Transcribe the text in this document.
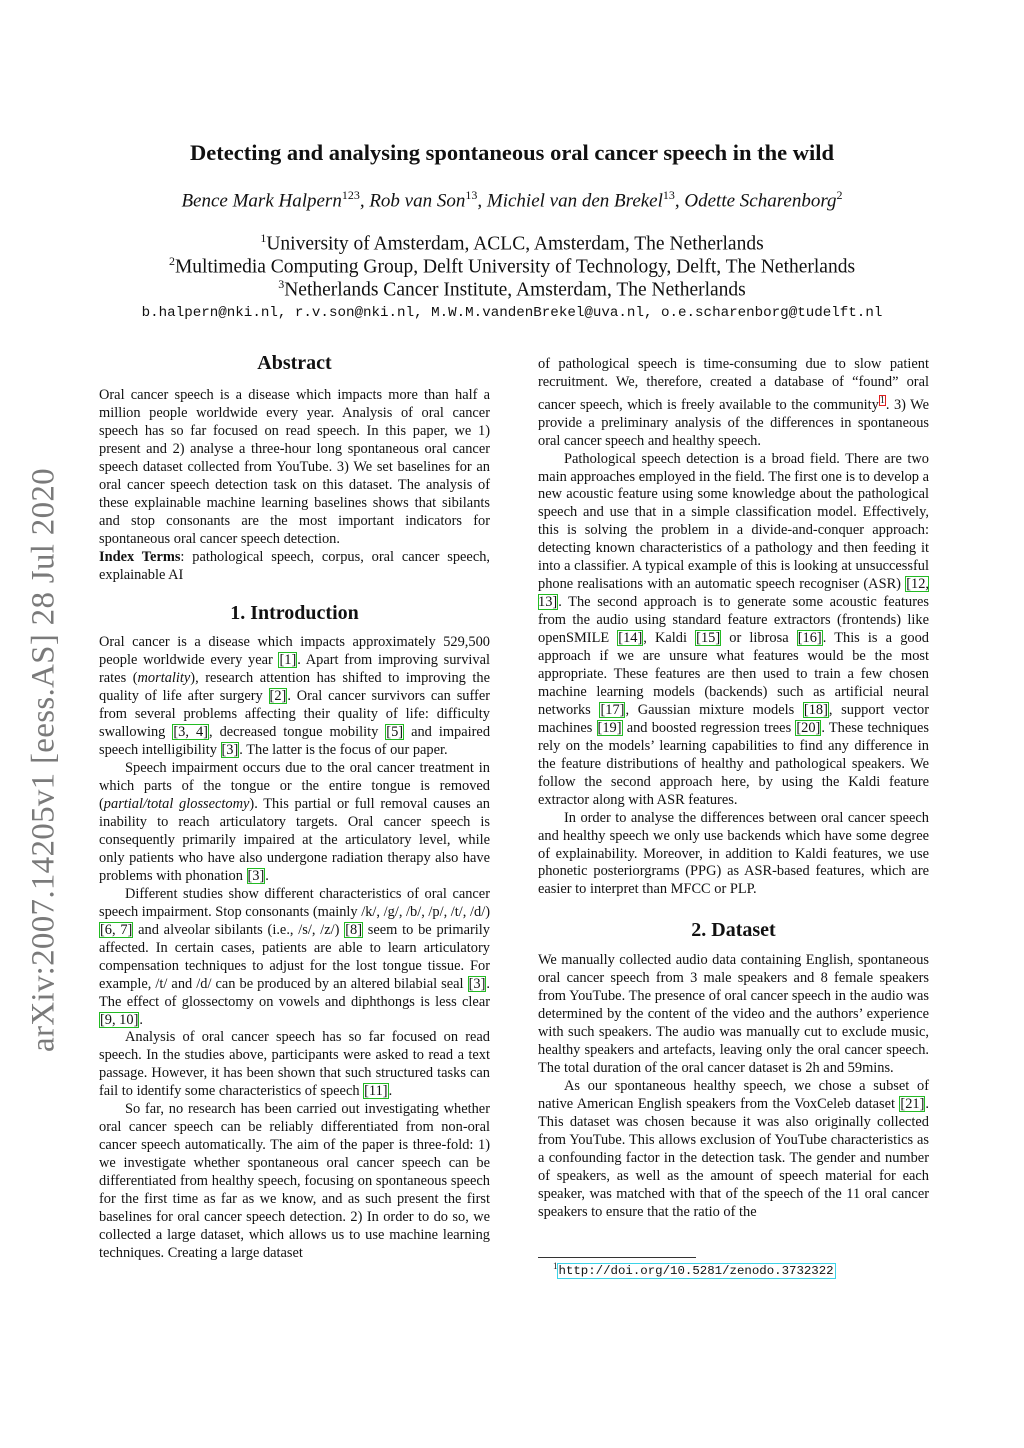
arXiv:2007.14205v1 [eess.AS] 28 Jul 2020
Detecting and analysing spontaneous oral cancer speech in the wild
Bence Mark Halpern$^{123}$, Rob van Son$^{13}$, Michiel van den Brekel$^{13}$, Odette Scharenborg$^2$
$^1$University of Amsterdam, ACLC, Amsterdam, The Netherlands
$^2$Multimedia Computing Group, Delft University of Technology, Delft, The Netherlands
$^3$Netherlands Cancer Institute, Amsterdam, The Netherlands
b.halpern@nki.nl, r.v.son@nki.nl, M.W.M.vandenBrekel@uva.nl, o.e.scharenborg@tudelft.nl
Abstract

Oral cancer speech is a disease which impacts more than half a million people worldwide every year. Analysis of oral cancer speech has so far focused on read speech. In this paper, we 1) present and 2) analyse a three-hour long spontaneous oral cancer speech dataset collected from YouTube. 3) We set baselines for an oral cancer speech detection task on this dataset. The analysis of these explainable machine learning baselines shows that sibilants and stop consonants are the most important indicators for spontaneous oral cancer speech detection.

Index Terms: pathological speech, corpus, oral cancer speech, explainable AI

1. Introduction

Oral cancer is a disease which impacts approximately 529,500 people worldwide every year [1]. Apart from improving survival rates (mortality), research attention has shifted to improving the quality of life after surgery [2]. Oral cancer survivors can suffer from several problems affecting their quality of life: difficulty swallowing [3, 4], decreased tongue mobility [5] and impaired speech intelligibility [3]. The latter is the focus of our paper.

Speech impairment occurs due to the oral cancer treatment in which parts of the tongue or the entire tongue is removed (partial/total glossectomy). This partial or full removal causes an inability to reach articulatory targets. Oral cancer speech is consequently primarily impaired at the articulatory level, while only patients who have also undergone radiation therapy also have problems with phonation [3].

Different studies show different characteristics of oral cancer speech impairment. Stop consonants (mainly /k/, /g/, /b/, /p/, /t/, /d/) [6, 7] and alveolar sibilants (i.e., /s/, /z/) [8] seem to be primarily affected. In certain cases, patients are able to learn articulatory compensation techniques to adjust for the lost tongue tissue. For example, /t/ and /d/ can be produced by an altered bilabial seal [3]. The effect of glossectomy on vowels and diphthongs is less clear [9, 10].

Analysis of oral cancer speech has so far focused on read speech. In the studies above, participants were asked to read a text passage. However, it has been shown that such structured tasks can fail to identify some characteristics of speech [11].

So far, no research has been carried out investigating whether oral cancer speech can be reliably differentiated from non-oral cancer speech automatically. The aim of the paper is three-fold: 1) we investigate whether spontaneous oral cancer speech can be differentiated from healthy speech, focusing on spontaneous speech for the first time as far as we know, and as such present the first baselines for oral cancer speech detection. 2) In order to do so, we collected a large dataset, which allows us to use machine learning techniques. Creating a large dataset

of pathological speech is time-consuming due to slow patient recruitment. We, therefore, created a database of “found” oral cancer speech, which is freely available to the community$^1$. 3) We provide a preliminary analysis of the differences in spontaneous oral cancer speech and healthy speech.

Pathological speech detection is a broad field. There are two main approaches employed in the field. The first one is to develop a new acoustic feature using some knowledge about the pathological speech and use that in a simple classification model. Effectively, this is solving the problem in a divide-and-conquer approach: detecting known characteristics of a pathology and then feeding it into a classifier. A typical example of this is looking at unsuccessful phone realisations with an automatic speech recogniser (ASR) [12, 13]. The second approach is to generate some acoustic features from the audio using standard feature extractors (frontends) like openSMILE [14], Kaldi [15] or librosa [16]. This is a good approach if we are unsure what features would be the most appropriate. These features are then used to train a few chosen machine learning models (backends) such as artificial neural networks [17], Gaussian mixture models [18], support vector machines [19] and boosted regression trees [20]. These techniques rely on the models’ learning capabilities to find any difference in the feature distributions of healthy and pathological speakers. We follow the second approach here, by using the Kaldi feature extractor along with ASR features.

In order to analyse the differences between oral cancer speech and healthy speech we only use backends which have some degree of explainability. Moreover, in addition to Kaldi features, we use phonetic posteriorgrams (PPG) as ASR-based features, which are easier to interpret than MFCC or PLP.

2. Dataset

We manually collected audio data containing English, spontaneous oral cancer speech from 3 male speakers and 8 female speakers from YouTube. The presence of oral cancer speech in the audio was determined by the content of the video and the authors’ experience with such speakers. The audio was manually cut to exclude music, healthy speakers and artefacts, leaving only the oral cancer speech. The total duration of the oral cancer dataset is 2h and 59mins.

As our spontaneous healthy speech, we chose a subset of native American English speakers from the VoxCeleb dataset [21]. This dataset was chosen because it was also originally collected from YouTube. This allows exclusion of YouTube characteristics as a confounding factor in the detection task. The gender and number of speakers, as well as the amount of speech material for each speaker, was matched with that of the speech of the 11 oral cancer speakers to ensure that the ratio of the

$^1$http://doi.org/10.5281/zenodo.3732322
